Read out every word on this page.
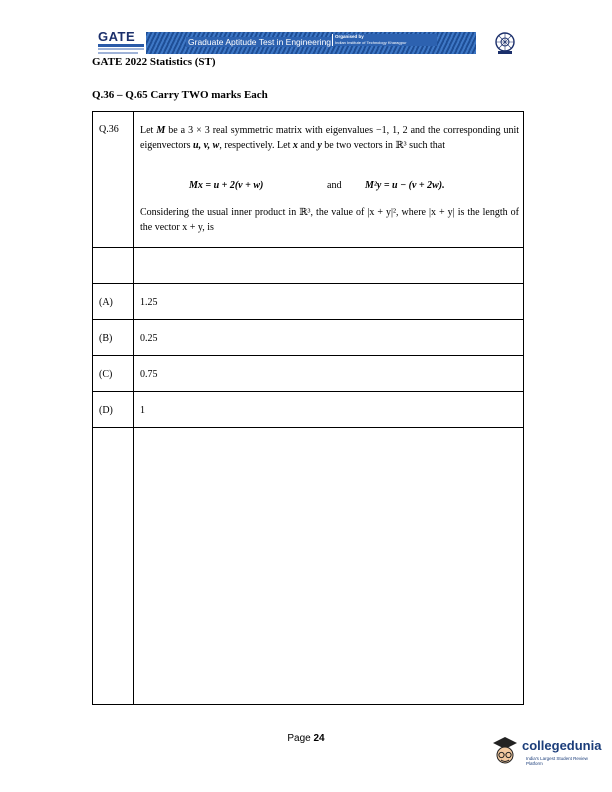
GATE	Graduate Aptitude Test in Engineering
Organised by
Indian Institute of Technology Kharagpur
GATE 2022 Statistics (ST)
Q.36 – Q.65 Carry TWO marks Each
Q.36 Let M be a 3 × 3 real symmetric matrix with eigenvalues −1, 1, 2 and the corresponding unit eigenvectors u, v, w, respectively. Let x and y be two vectors in ℝ³ such that

Mx = u + 2(v + w)	and M²y = u − (v + 2w).
Considering the usual inner product in ℝ³, the value of |x + y|², where |x + y| is the length of the vector x + y, is
(A)	1.25
(B)	0.25
(C)	0.75
(D)	1
Page 24	collegedunia
India's Largest Student Review Platform
